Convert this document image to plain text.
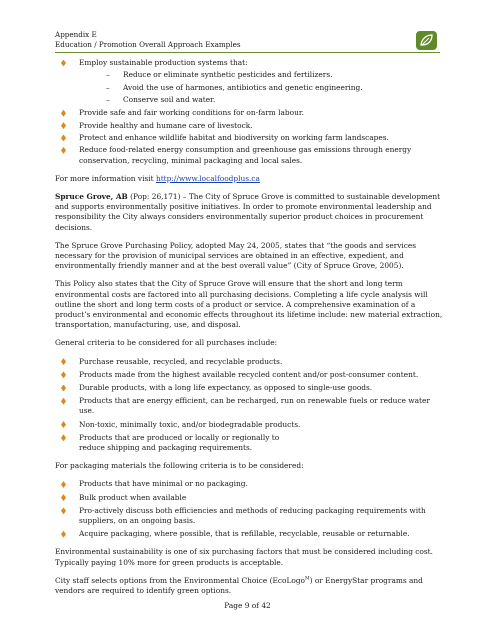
Appendix E
Education / Promotion Overall Approach Examples
Employ sustainable production systems that:
– Reduce or eliminate synthetic pesticides and fertilizers.
– Avoid the use of harmones, antibiotics and genetic engineering.
– Conserve soil and water.
Provide safe and fair working conditions for on-farm labour.
Provide healthy and humane care of livestock.
Protect and enhance wildlife habitat and biodiversity on working farm landscapes.
Reduce food-related energy consumption and greenhouse gas emissions through energy conservation, recycling, minimal packaging and local sales.

For more information visit http://www.localfoodplus.ca

Spruce Grove, AB (Pop: 26,171) – The City of Spruce Grove is committed to sustainable development and supports environmentally positive initiatives. In order to promote environmental leadership and responsibility the City always considers environmentally superior product choices in procurement decisions.

The Spruce Grove Purchasing Policy, adopted May 24, 2005, states that “the goods and services necessary for the provision of municipal services are obtained in an effective, expedient, and environmentally friendly manner and at the best overall value” (City of Spruce Grove, 2005).

This Policy also states that the City of Spruce Grove will ensure that the short and long term environmental costs are factored into all purchasing decisions. Completing a life cycle analysis will outline the short and long term costs of a product or service. A comprehensive examination of a product’s environmental and economic effects throughout its lifetime include: new material extraction, transportation, manufacturing, use, and disposal.

General criteria to be considered for all purchases include:

Purchase reusable, recycled, and recyclable products.
Products made from the highest available recycled content and/or post-consumer content.
Durable products, with a long life expectancy, as opposed to single-use goods.
Products that are energy efficient, can be recharged, run on renewable fuels or reduce water use.
Non-toxic, minimally toxic, and/or biodegradable products.
Products that are produced or locally or regionally to reduce shipping and packaging requirements.

For packaging materials the following criteria is to be considered:

Products that have minimal or no packaging.
Bulk product when available
Pro-actively discuss both efficiencies and methods of reducing packaging requirements with suppliers, on an ongoing basis.
Acquire packaging, where possible, that is refillable, recyclable, reusable or returnable.

Environmental sustainability is one of six purchasing factors that must be considered including cost. Typically paying 10% more for green products is acceptable.

City staff selects options from the Environmental Choice (EcoLogo$^M$) or EnergyStar programs and vendors are required to identify green options.

Page 9 of 42
